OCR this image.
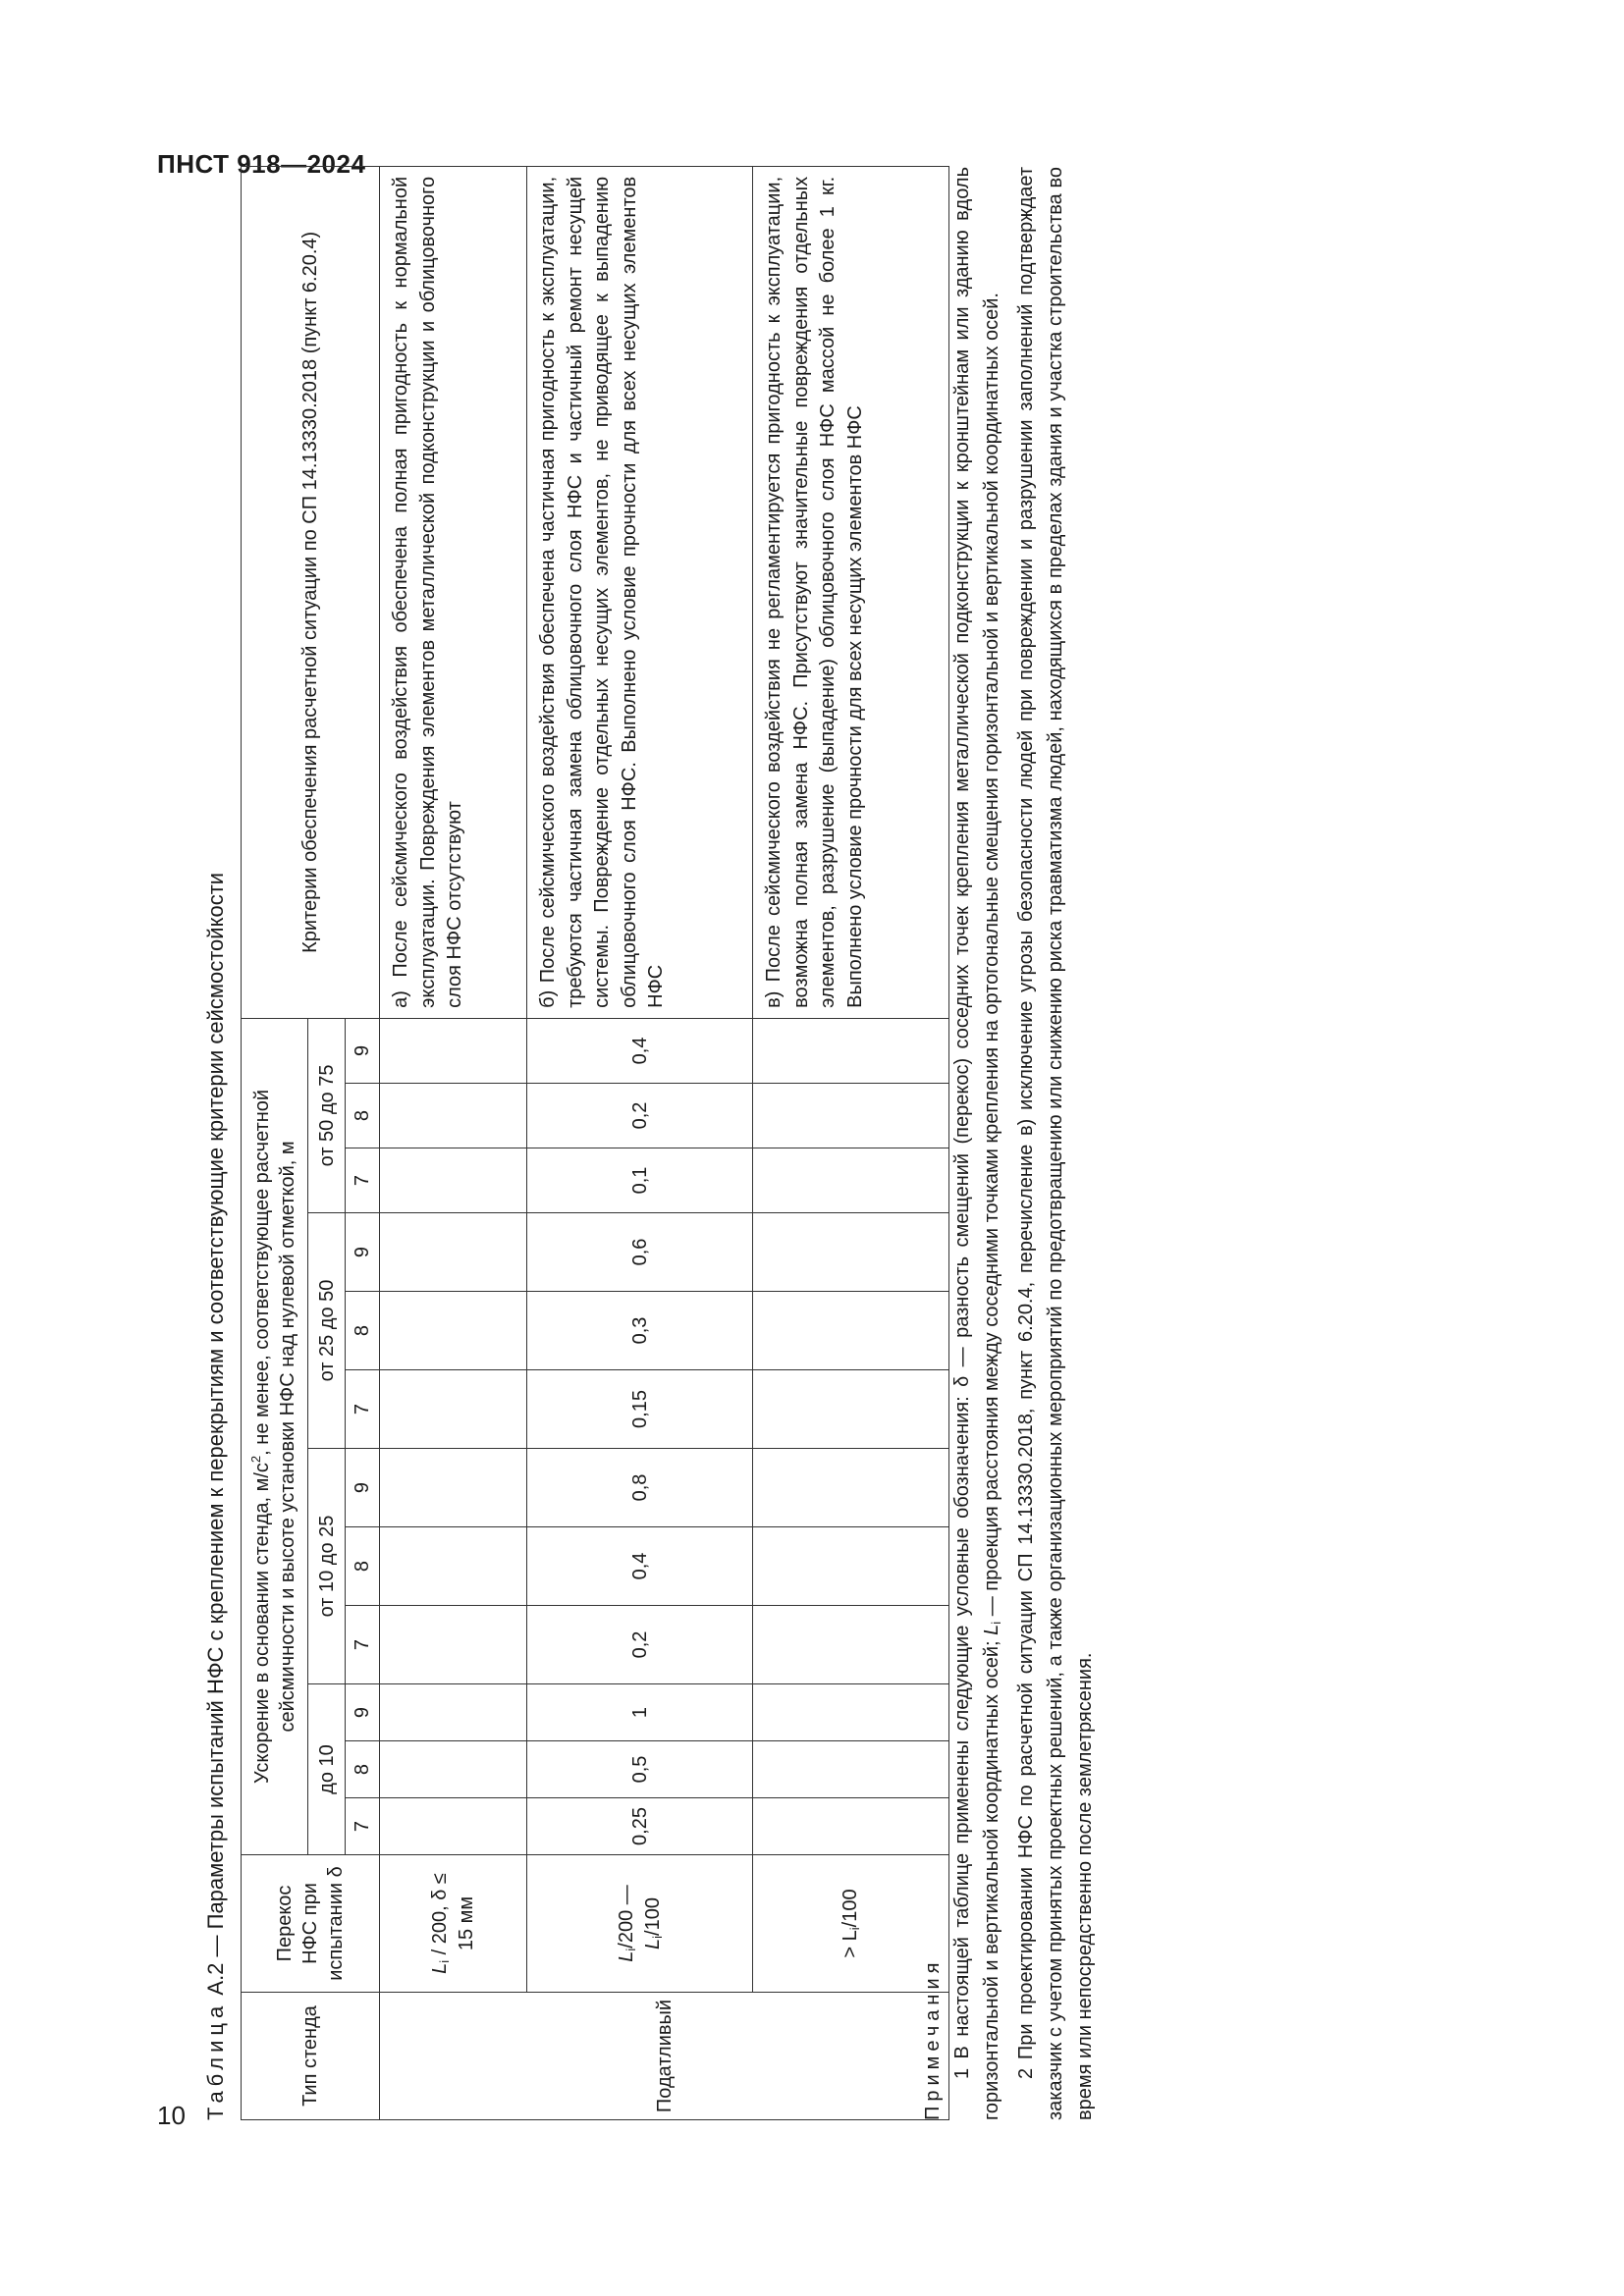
ПНСТ 918—2024
10 Таблица А.2 — Параметры испытаний НФС с креплением к перекрытиям и соответствующие критерии сейсмостойкости
Тип стенда	Перекос НФС при испытании δ	Ускорение в основании стенда, $м/с^2$, не менее, соответствующее расчетной сейсмичности и высоте установки НФС над нулевой отметкой, м												Критерии обеспечения расчетной ситуации по СП 14.13330.2018 (пункт 6.20.4)
		до 10			от 10 до 25			от 25 до 50			от 50 до 75			
		7	8	9	7	8	9	7	8	9	7	8	9	
Податливый	$L_i / 200$, δ ≤ 15 мм													а) После сейсмического воздействия обеспечена полная пригодность к нормальной эксплуатации. Повреждения элементов металлической подконструкции и облицовочного слоя НФС отсутствуют
	$L_i/200$ — $L_i/100$	0,25	0,5	1	0,2	0,4	0,8	0,15	0,3	0,6	0,1	0,2	0,4	б) После сейсмического воздействия обеспечена частичная пригодность к эксплуатации, требуются частичная замена облицовочного слоя НФС и частичный ремонт несущей системы. Повреждение отдельных несущих элементов, не приводящее к выпадению облицовочного слоя НФС. Выполнено условие прочности для всех несущих элементов НФС
	> $L_i/100$													в) После сейсмического воздействия не регламентируется пригодность к эксплуатации, возможна полная замена НФС. Присутствуют значительные повреждения отдельных элементов, разрушение (выпадение) облицовочного слоя НФС массой не более 1 кг. Выполнено условие прочности для всех несущих элементов НФС

Примечания 1 В настоящей таблице применены следующие условные обозначения: δ — разность смещений (перекос) соседних точек крепления металлической подконструкции к кронштейнам или зданию вдоль горизонтальной и вертикальной координатных осей; $L_i$ — проекция расстояния между соседними точками крепления на ортогональные смещения горизонтальной и вертикальной координатных осей. 2 При проектировании НФС по расчетной ситуации СП 14.13330.2018, пункт 6.20.4, перечисление в) исключение угрозы безопасности людей при повреждении и разрушении заполнений подтверждает заказчик с учетом принятых проектных решений, а также организационных мероприятий по предотвращению или снижению риска травматизма людей, находящихся в пределах здания и участка строительства во время или непосредственно после землетрясения.
